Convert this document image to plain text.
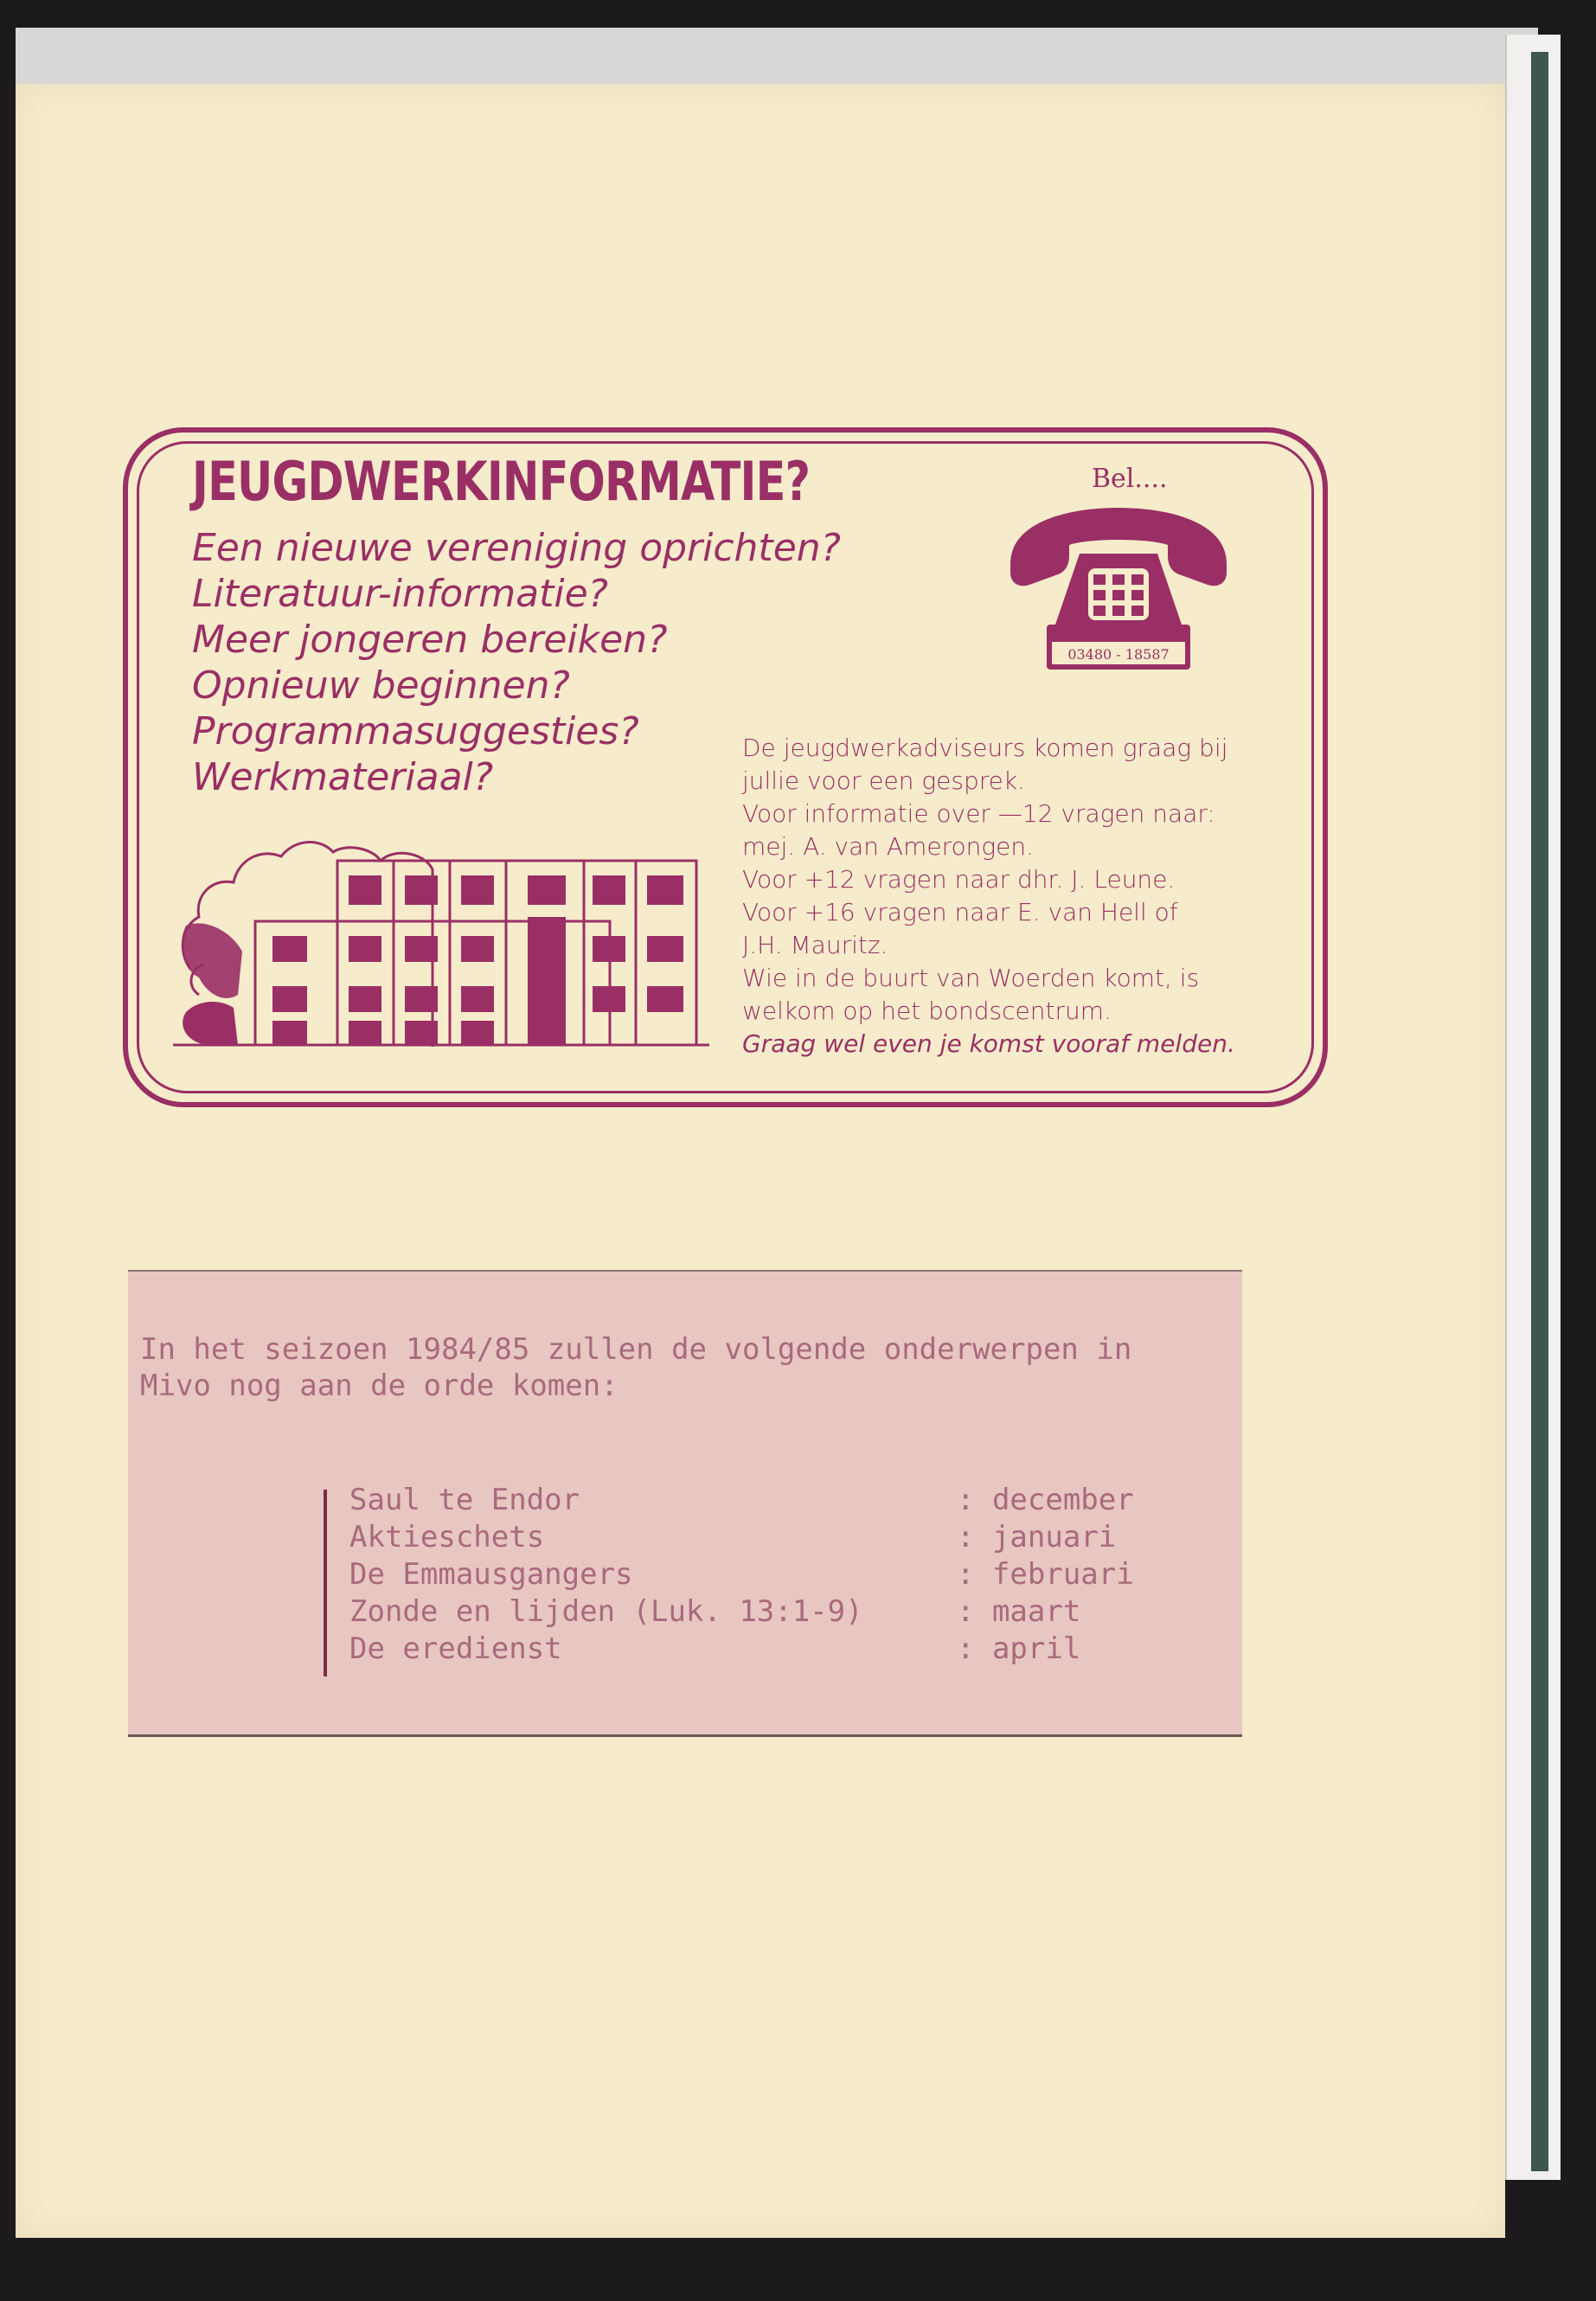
JEUGDWERKINFORMATIE?
Een nieuwe vereniging oprichten?
Literatuur-informatie?
Meer jongeren bereiken?
Opnieuw beginnen?
Programmasuggesties?
Werkmateriaal?
Bel....
03480 - 18587
De jeugdwerkadviseurs komen graag bij
jullie voor een gesprek.
Voor informatie over —12 vragen naar:
mej. A. van Amerongen.
Voor +12 vragen naar dhr. J. Leune.
Voor +16 vragen naar E. van Hell of
J.H. Mauritz.
Wie in de buurt van Woerden komt, is
welkom op het bondscentrum.
Graag wel even je komst vooraf melden.
In het seizoen 1984/85 zullen de volgende onderwerpen in
Mivo nog aan de orde komen:
Saul te Endor	: december
Aktieschets	: januari
De Emmausgangers	: februari
Zonde en lijden (Luk. 13:1-9)	: maart
De eredienst	: april
